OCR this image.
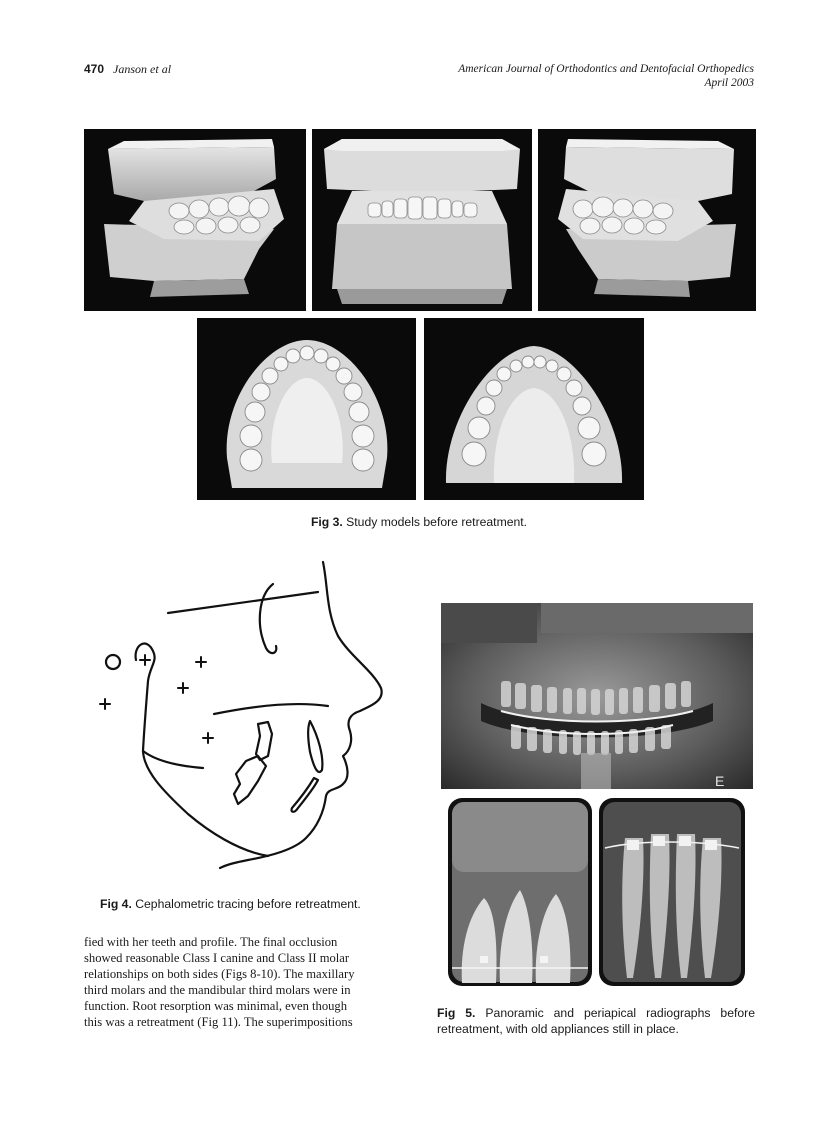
470 Janson et al	American Journal of Orthodontics and Dentofacial Orthopedics
April 2003
Fig 3. Study models before retreatment.
Fig 4. Cephalometric tracing before retreatment.

fied with her teeth and profile. The final occlusion

showed reasonable Class I canine and Class II molar

relationships on both sides (Figs 8-10). The maxillary

third molars and the mandibular third molars were in

function. Root resorption was minimal, even though

this was a retreatment (Fig 11). The superimpositions

E
Fig 5. Panoramic and periapical radiographs before retreatment, with old appliances still in place.
